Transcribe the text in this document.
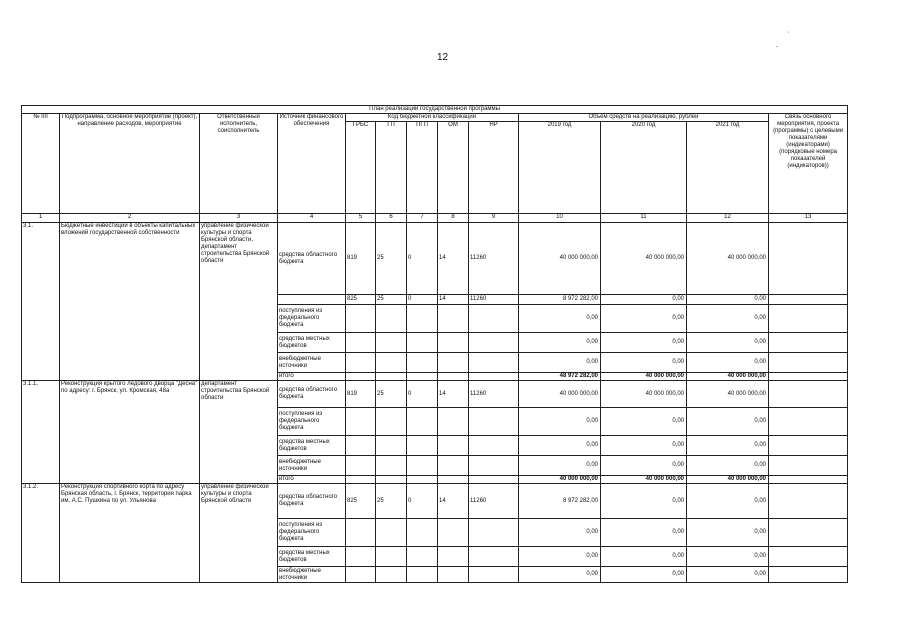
12
'
-
План реализации государственной программы												
№ пп	Подпрограмма, основное мероприятие (проект), направление расходов, мероприятие	Ответственный исполнитель, соисполнитель	Источник финансового обеспечения	Код бюджетной классификации					Объём средств на реализацию, рублей			Связь основного мероприятия, проекта (программы) с целевыми показателями (индикаторами) (порядковые номера показателей (индикаторов))
				ГРБС	ГП	ПГП	ОМ	НР	2019 год	2020 год	2021 год	
1	2	3	4	5	6	7	8	9	10	11	12	13
3.1.	Бюджетные инвестиции в объекты капитальных вложений государственной собственности	управление физической культуры и спорта Брянской области, департамент строительства Брянской области	средства областного бюджета	819	25	0	14	11260	40 000 000,00	40 000 000,00	40 000 000,00	
				825	25	0	14	11260	8 972 282,00	0,00	0,00	
			поступления из федерального бюджета						0,00	0,00	0,00	
			средства местных бюджетов						0,00	0,00	0,00	
			внебюджетные источники						0,00	0,00	0,00	
			итого						48 972 282,00	40 000 000,00	40 000 000,00	
3.1.1.	Реконструкция крытого ледового дворца "Десна" по адресу: г. Брянск, ул. Кромская, 48а	департамент строительства Брянской области	средства областного бюджета	819	25	0	14	11260	40 000 000,00	40 000 000,00	40 000 000,00	
			поступления из федерального бюджета						0,00	0,00	0,00	
			средства местных бюджетов						0,00	0,00	0,00	
			внебюджетные источники						0,00	0,00	0,00	
			итого						40 000 000,00	40 000 000,00	40 000 000,00	
3.1.2.	Реконструкция спортивного корта по адресу Брянская область, г. Брянск, территория парка им. А.С. Пушкина по ул. Ульянова	управление физической культуры и спорта Брянской области	средства областного бюджета	825	25	0	14	11260	8 972 282,00	0,00	0,00	
			поступления из федерального бюджета						0,00	0,00	0,00	
			средства местных бюджетов						0,00	0,00	0,00	
			внебюджетные источники						0,00	0,00	0,00	
